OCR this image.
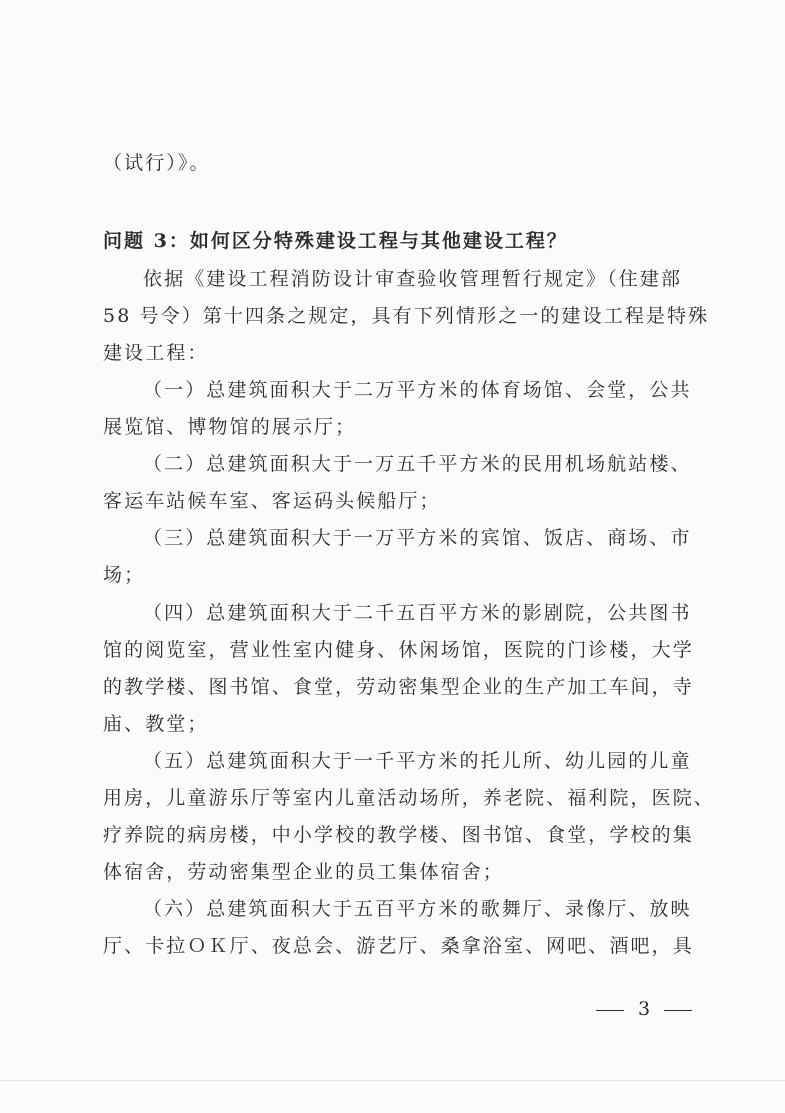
（试行）》。
问题 3：如何区分特殊建设工程与其他建设工程？
依据《建设工程消防设计审查验收管理暂行规定》（住建部
58 号令）第十四条之规定，具有下列情形之一的建设工程是特殊
建设工程：
（一）总建筑面积大于二万平方米的体育场馆、会堂，公共
展览馆、博物馆的展示厅；
（二）总建筑面积大于一万五千平方米的民用机场航站楼、
客运车站候车室、客运码头候船厅；
（三）总建筑面积大于一万平方米的宾馆、饭店、商场、市
场；
（四）总建筑面积大于二千五百平方米的影剧院，公共图书
馆的阅览室，营业性室内健身、休闲场馆，医院的门诊楼，大学
的教学楼、图书馆、食堂，劳动密集型企业的生产加工车间，寺
庙、教堂；
（五）总建筑面积大于一千平方米的托儿所、幼儿园的儿童
用房，儿童游乐厅等室内儿童活动场所，养老院、福利院，医院、
疗养院的病房楼，中小学校的教学楼、图书馆、食堂，学校的集
体宿舍，劳动密集型企业的员工集体宿舍；
（六）总建筑面积大于五百平方米的歌舞厅、录像厅、放映
厅、卡拉ＯＫ厅、夜总会、游艺厅、桑拿浴室、网吧、酒吧，具
3
